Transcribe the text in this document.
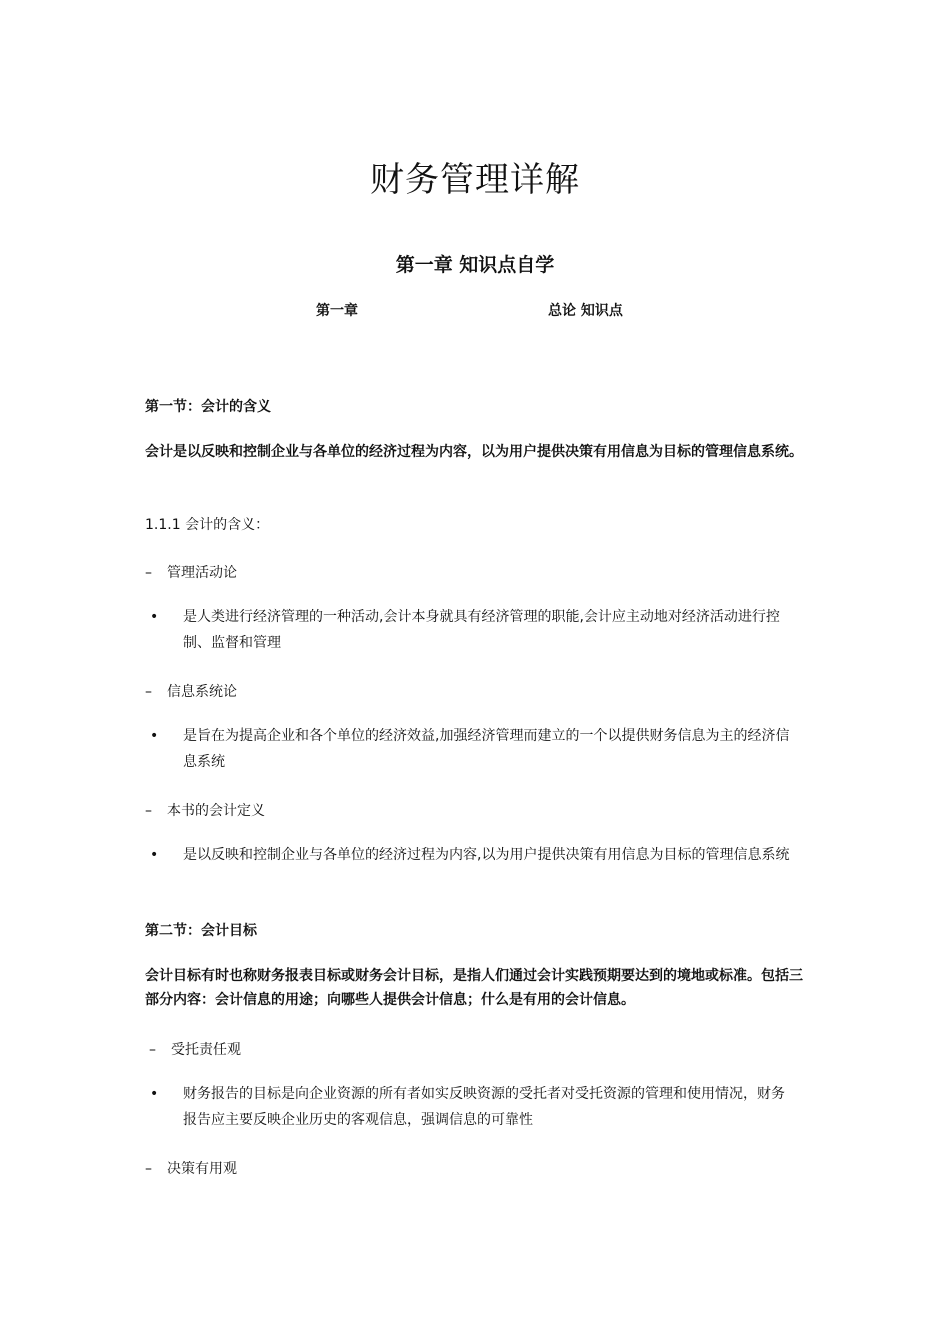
财务管理详解
第一章 知识点自学
第一章	总论 知识点
第一节：会计的含义
会计是以反映和控制企业与各单位的经济过程为内容，以为用户提供决策有用信息为目标的管理信息系统。
1.1.1 会计的含义：
– 管理活动论
• 是人类进行经济管理的一种活动,会计本身就具有经济管理的职能,会计应主动地对经济活动进行控制、监督和管理
– 信息系统论
• 是旨在为提高企业和各个单位的经济效益,加强经济管理而建立的一个以提供财务信息为主的经济信息系统
– 本书的会计定义
• 是以反映和控制企业与各单位的经济过程为内容,以为用户提供决策有用信息为目标的管理信息系统
第二节：会计目标
会计目标有时也称财务报表目标或财务会计目标，是指人们通过会计实践预期要达到的境地或标准。包括三部分内容：会计信息的用途；向哪些人提供会计信息；什么是有用的会计信息。
– 受托责任观
• 财务报告的目标是向企业资源的所有者如实反映资源的受托者对受托资源的管理和使用情况，财务报告应主要反映企业历史的客观信息，强调信息的可靠性
– 决策有用观
